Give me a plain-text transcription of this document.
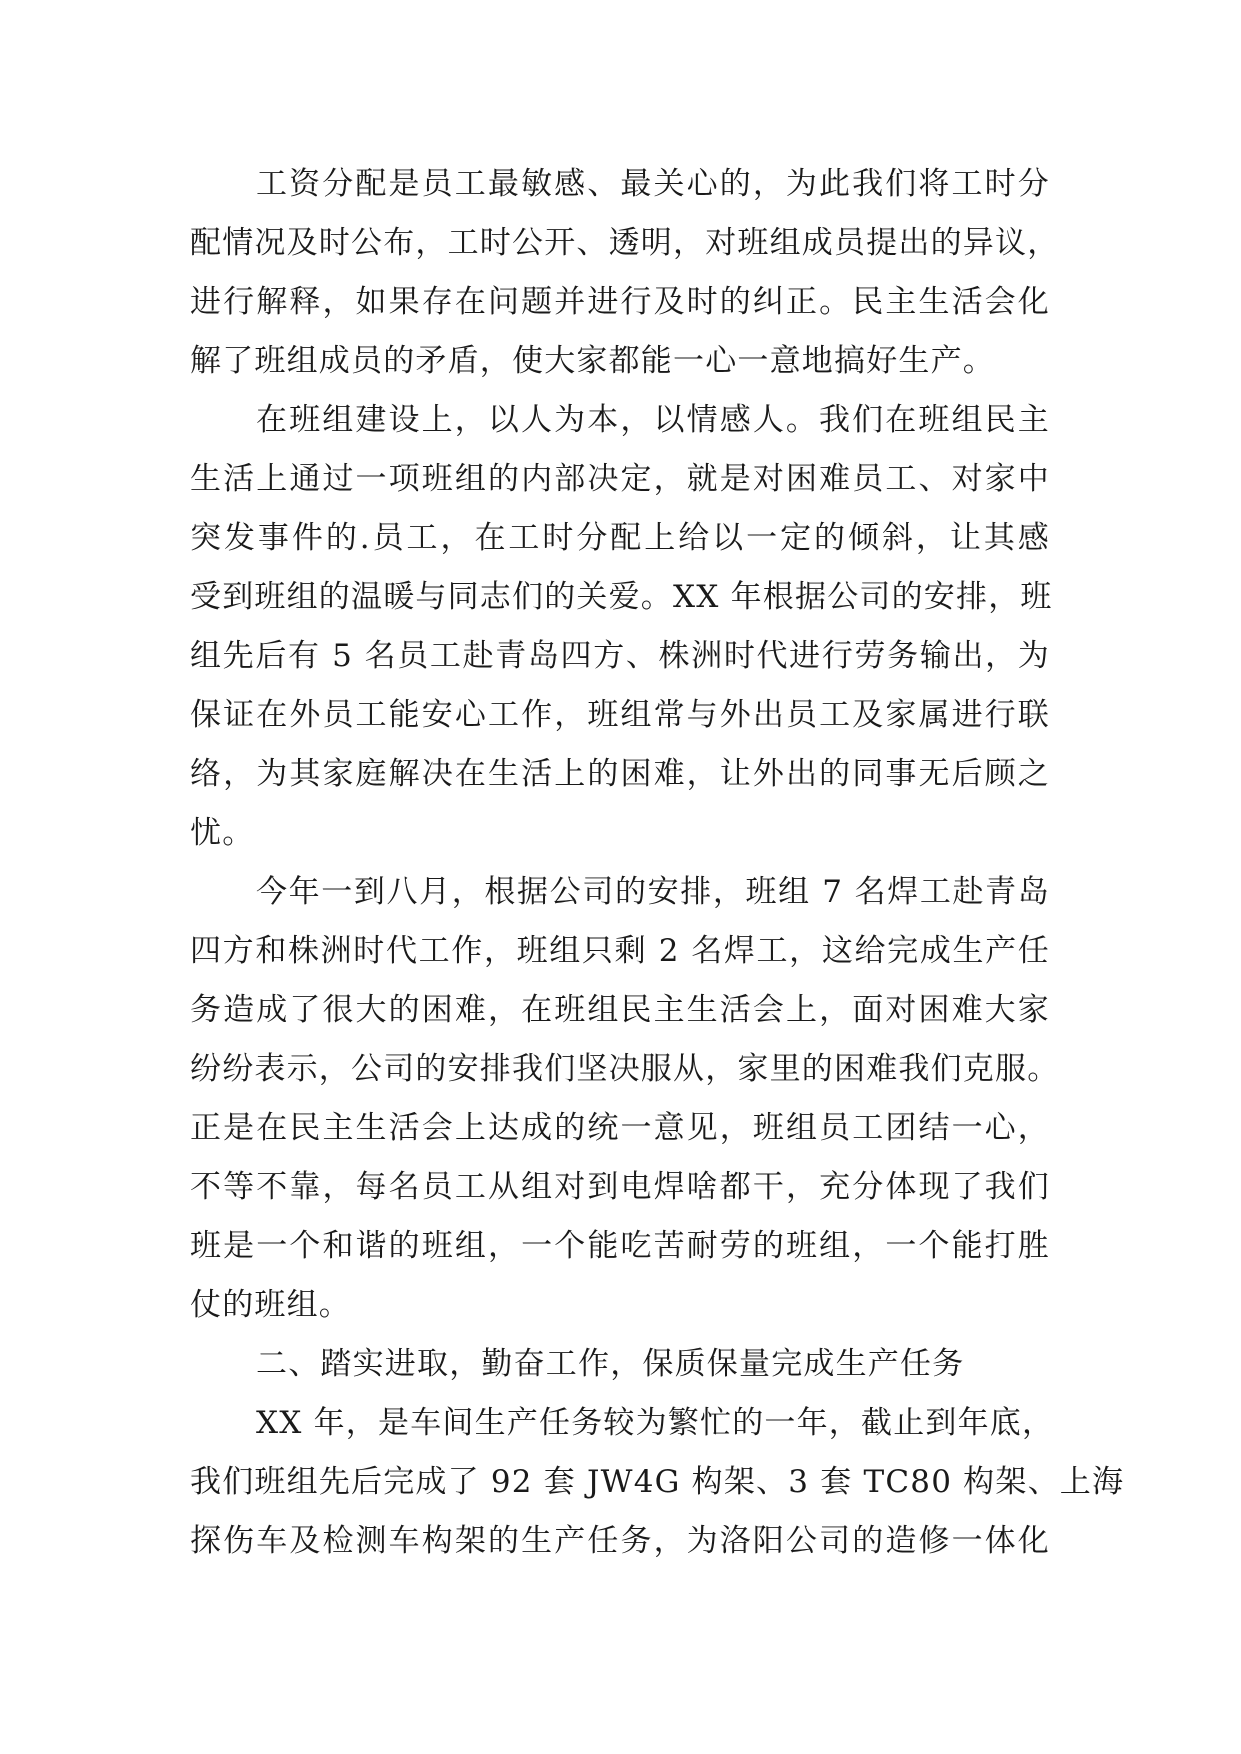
工资分配是员工最敏感、最关心的，为此我们将工时分
配情况及时公布，工时公开、透明，对班组成员提出的异议，
进行解释，如果存在问题并进行及时的纠正。民主生活会化
解了班组成员的矛盾，使大家都能一心一意地搞好生产。

在班组建设上，以人为本，以情感人。我们在班组民主
生活上通过一项班组的内部决定，就是对困难员工、对家中
突发事件的.员工，在工时分配上给以一定的倾斜，让其感
受到班组的温暖与同志们的关爱。XX 年根据公司的安排，班
组先后有 5 名员工赴青岛四方、株洲时代进行劳务输出，为
保证在外员工能安心工作，班组常与外出员工及家属进行联
络，为其家庭解决在生活上的困难，让外出的同事无后顾之
忧。

今年一到八月，根据公司的安排，班组 7 名焊工赴青岛
四方和株洲时代工作，班组只剩 2 名焊工，这给完成生产任
务造成了很大的困难，在班组民主生活会上，面对困难大家
纷纷表示，公司的安排我们坚决服从，家里的困难我们克服。
正是在民主生活会上达成的统一意见，班组员工团结一心，
不等不靠，每名员工从组对到电焊啥都干，充分体现了我们
班是一个和谐的班组，一个能吃苦耐劳的班组，一个能打胜
仗的班组。

二、踏实进取，勤奋工作，保质保量完成生产任务

XX 年，是车间生产任务较为繁忙的一年，截止到年底，
我们班组先后完成了 92 套 JW4G 构架、3 套 TC80 构架、上海
探伤车及检测车构架的生产任务，为洛阳公司的造修一体化
